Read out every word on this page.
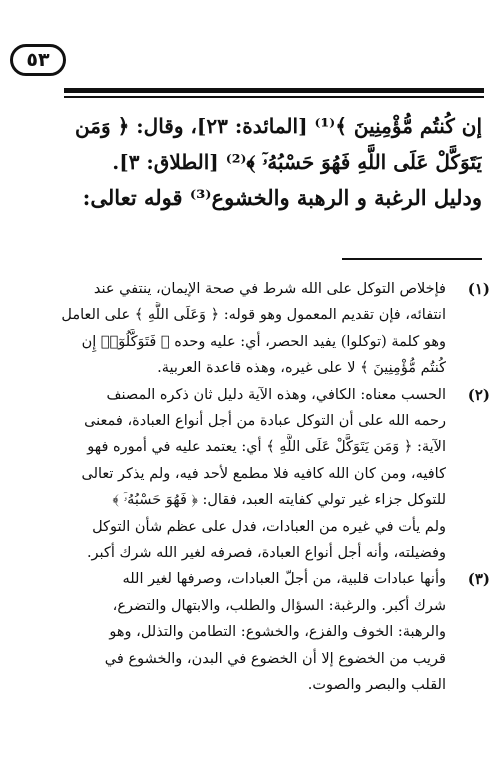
٥٣
إن كُنتُم مُّؤْمِنِينَ ﴾⁽¹⁾ [المائدة: ٢٣]، وقال: ﴿ وَمَن
يَتَوَكَّلْ عَلَى اللَّهِ فَهُوَ حَسْبُهُۥٓ ﴾⁽²⁾ [الطلاق: ٣].
ودليل الرغبة و الرهبة والخشوع⁽³⁾ قوله تعالى:
(١)
فإخلاص التوكل على الله شرط في صحة الإيمان، ينتفي عند
انتفائه، فإن تقديم المعمول وهو قوله: ﴿ وَعَلَى اللَّهِ ﴾ على العامل
وهو كلمة (توكلوا) يفيد الحصر، أي: عليه وحده ﴿ فَتَوَكَّلُوٓا۟ إِن
كُنتُم مُّؤْمِنِينَ ﴾ لا على غيره، وهذه قاعدة العربية.
(٢)
الحسب معناه: الكافي، وهذه الآية دليل ثان ذكره المصنف
رحمه الله على أن التوكل عبادة من أجل أنواع العبادة، فمعنى
الآية: ﴿ وَمَن يَتَوَكَّلْ عَلَى اللَّهِ ﴾ أي: يعتمد عليه في أموره فهو
كافيه، ومن كان الله كافيه فلا مطمع لأحد فيه، ولم يذكر تعالى
للتوكل جزاء غير تولي كفايته العبد، فقال: ﴿ فَهُوَ حَسْبُهُۥٓ ﴾
ولم يأت في غيره من العبادات، فدل على عظم شأن التوكل
وفضيلته، وأنه أجل أنواع العبادة، فصرفه لغير الله شرك أكبر.
(٣)
وأنها عبادات قلبية، من أجلّ العبادات، وصرفها لغير الله
شرك أكبر. والرغبة: السؤال والطلب، والابتهال والتضرع،
والرهبة: الخوف والفزع، والخشوع: التطامن والتذلل، وهو
قريب من الخضوع إلا أن الخضوع في البدن، والخشوع في
القلب والبصر والصوت.
